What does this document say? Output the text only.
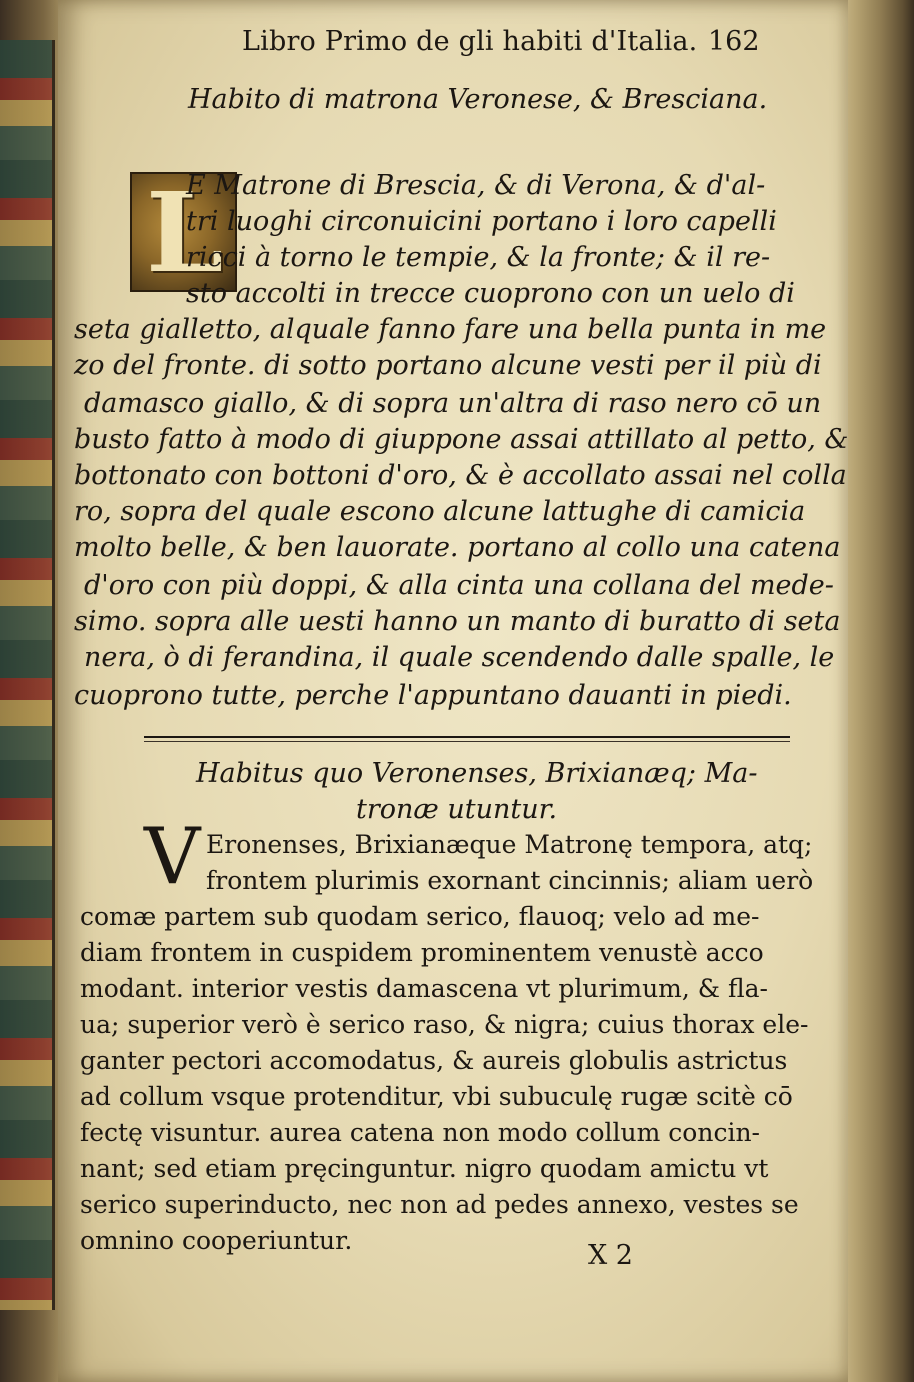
Libro Primo de gli habiti d'Italia. 162
Habito di matrona Veronese, & Bresciana.
L
E Matrone di Brescia, & di Verona, & d'al-
tri luoghi circonuicini portano i loro capelli
ricci à torno le tempie, & la fronte; & il re-
sto accolti in trecce cuoprono con un uelo di
seta gialletto, alquale fanno fare una bella punta in me
zo del fronte. di sotto portano alcune vesti per il più di
damasco giallo, & di sopra un'altra di raso nero cō un
busto fatto à modo di giuppone assai attillato al petto, &
bottonato con bottoni d'oro, & è accollato assai nel colla
ro, sopra del quale escono alcune lattughe di camicia
molto belle, & ben lauorate. portano al collo una catena
d'oro con più doppi, & alla cinta una collana del mede-
simo. sopra alle uesti hanno un manto di buratto di seta
nera, ò di ferandina, il quale scendendo dalle spalle, le
cuoprono tutte, perche l'appuntano dauanti in piedi.
Habitus quo Veronenses, Brixianæq; Ma-
tronæ utuntur.
V Eronenses, Brixianæque Matronę tempora, atq;
frontem plurimis exornant cincinnis; aliam uerò
comæ partem sub quodam serico, flauoq; velo ad me-
diam frontem in cuspidem prominentem venustè acco
modant. interior vestis damascena vt plurimum, & fla-
ua; superior verò è serico raso, & nigra; cuius thorax ele-
ganter pectori accomodatus, & aureis globulis astrictus
ad collum vsque protenditur, vbi subuculę rugæ scitè cō
fectę visuntur. aurea catena non modo collum concin-
nant; sed etiam pręcinguntur. nigro quodam amictu vt
serico superinducto, nec non ad pedes annexo, vestes se
omnino cooperiuntur.	X 2
